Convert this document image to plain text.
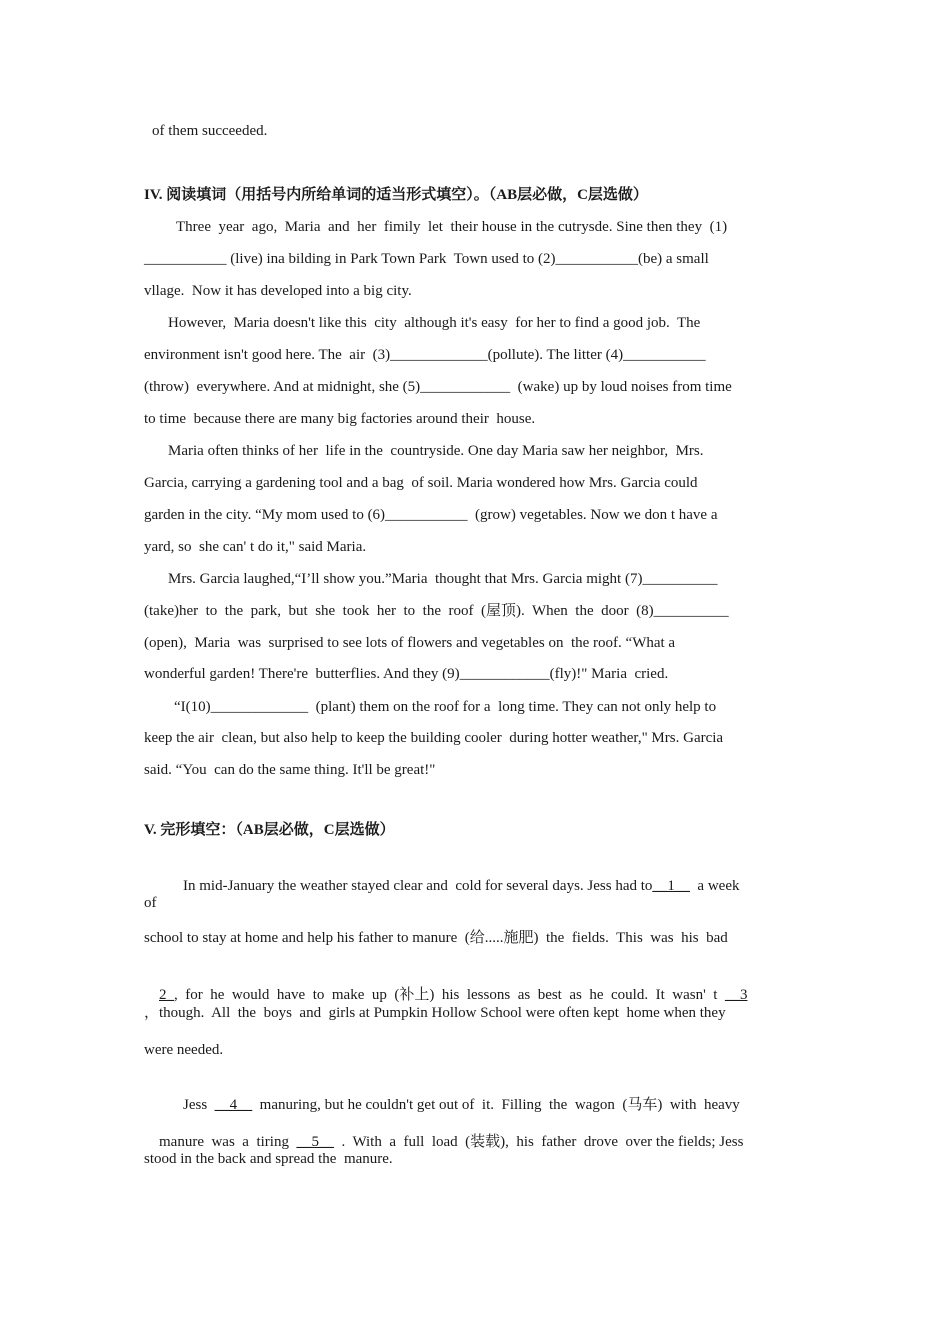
of them succeeded.
IV. 阅读填词（用括号内所给单词的适当形式填空）。（AB层必做，C层选做）
Three  year  ago,  Maria  and  her  fimily  let  their house in the cutrysde. Sine then they  (1)
___________ (live) ina bilding in Park Town Park  Town used to (2)___________(be) a small
vllage.  Now it has developed into a big city.
However,  Maria doesn't like this  city  although it's easy  for her to find a good job.  The
environment isn't good here. The  air  (3)_____________(pollute). The litter (4)___________
(throw)  everywhere. And at midnight, she (5)____________  (wake) up by loud noises from time
to time  because there are many big factories around their  house.
Maria often thinks of her  life in the  countryside. One day Maria saw her neighbor,  Mrs.
Garcia, carrying a gardening tool and a bag  of soil. Maria wondered how Mrs. Garcia could
garden in the city. “My mom used to (6)___________  (grow) vegetables. Now we don t have a
yard, so  she can' t do it," said Maria.
Mrs. Garcia laughed,“I’ll show you.”Maria  thought that Mrs. Garcia might (7)__________
(take)her  to  the  park,  but  she  took  her  to  the  roof  (屋顶).  When  the  door  (8)__________
(open),  Maria  was  surprised to see lots of flowers and vegetables on  the roof. “What a
wonderful garden! There're  butterflies. And they (9)____________(fly)!" Maria  cried.
“I(10)_____________  (plant) them on the roof for a  long time. They can not only help to
keep the air  clean, but also help to keep the building cooler  during hotter weather," Mrs. Garcia
said. “You  can do the same thing. It'll be great!"
V. 完形填空：（AB层必做，C层选做）

In mid-January the weather stayed clear and  cold for several days. Jess had to__1__ a week

of
school to stay at home and help his father to manure  (给.....施肥)  the  fields.  This  was  his  bad

2_,  for  he  would  have  to  make  up  (补上)  his  lessons  as  best  as  he  could.  It  wasn'  t __3

，though.  All  the  boys  and  girls at Pumpkin Hollow School were often kept  home when they
were needed.

Jess __4__ manuring, but he couldn't get out of  it.  Filling  the  wagon  (马车)  with  heavy

manure  was  a  tiring __5__ .  With  a  full  load  (装载),  his  father  drove  over the fields; Jess

stood in the back and spread the  manure.
